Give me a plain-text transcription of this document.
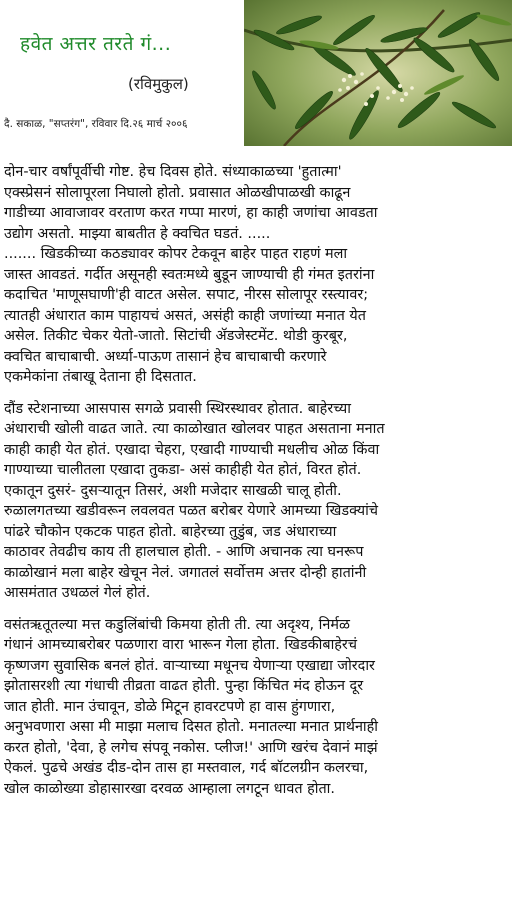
हवेत अत्तर तरते गं...
(रविमुकुल)
दै. सकाळ, "सप्तरंग", रविवार दि.२६ मार्च २००६

दोन-चार वर्षांपूर्वीची गोष्ट. हेच दिवस होते. संध्याकाळच्या 'हुतात्मा'
एक्स्प्रेसनं सोलापूरला निघालो होतो. प्रवासात ओळखीपाळखी काढून
गाडीच्या आवाजावर वरताण करत गप्पा मारणं, हा काही जणांचा आवडता
उद्योग असतो. माझ्या बाबतीत हे क्वचित घडतं. .....
....... खिडकीच्या कठड्यावर कोपर टेकवून बाहेर पाहत राहणं मला
जास्त आवडतं. गर्दीत असूनही स्वतःमध्ये बुडून जाण्याची ही गंमत इतरांना
कदाचित 'माणूसघाणी'ही वाटत असेल. सपाट, नीरस सोलापूर रस्त्यावर;
त्यातही अंधारात काम पाहायचं असतं, असंही काही जणांच्या मनात येत
असेल. तिकीट चेकर येतो-जातो. सिटांची ॲडजेस्टमेंट. थोडी कुरबूर,
क्वचित बाचाबाची. अर्ध्या-पाऊण तासानं हेच बाचाबाची करणारे
एकमेकांना तंबाखू देताना ही दिसतात.

दौंड स्टेशनाच्या आसपास सगळे प्रवासी स्थिरस्थावर होतात. बाहेरच्या
अंधाराची खोली वाढत जाते. त्या काळोखात खोलवर पाहत असताना मनात
काही काही येत होतं. एखादा चेहरा, एखादी गाण्याची मधलीच ओळ किंवा
गाण्याच्या चालीतला एखादा तुकडा- असं काहीही येत होतं, विरत होतं.
एकातून दुसरं- दुसऱ्यातून तिसरं, अशी मजेदार साखळी चालू होती.
रुळालगतच्या खडीवरून लवलवत पळत बरोबर येणारे आमच्या खिडक्यांचे
पांढरे चौकोन एकटक पाहत होतो. बाहेरच्या तुडुंब, जड अंधाराच्या
काठावर तेवढीच काय ती हालचाल होती. - आणि अचानक त्या घनरूप
काळोखानं मला बाहेर खेचून नेलं. जगातलं सर्वोत्तम अत्तर दोन्ही हातांनी
आसमंतात उधळलं गेलं होतं.

वसंतऋतूतल्या मत्त कडुलिंबांची किमया होती ती. त्या अदृश्य, निर्मळ
गंधानं आमच्याबरोबर पळणारा वारा भारून गेला होता. खिडकीबाहेरचं
कृष्णजग सुवासिक बनलं होतं. वाऱ्याच्या मधूनच येणाऱ्या एखाद्या जोरदार
झोतासरशी त्या गंधाची तीव्रता वाढत होती. पुन्हा किंचित मंद होऊन दूर
जात होती. मान उंचावून, डोळे मिटून हावरटपणे हा वास हुंगणारा,
अनुभवणारा असा मी माझा मलाच दिसत होतो. मनातल्या मनात प्रार्थनाही
करत होतो, 'देवा, हे लगेच संपवू नकोस. प्लीज!' आणि खरंच देवानं माझं
ऐकलं. पुढचे अखंड दीड-दोन तास हा मस्तवाल, गर्द बॉटलग्रीन कलरचा,
खोल काळोख्या डोहासारखा दरवळ आम्हाला लगटून धावत होता.
